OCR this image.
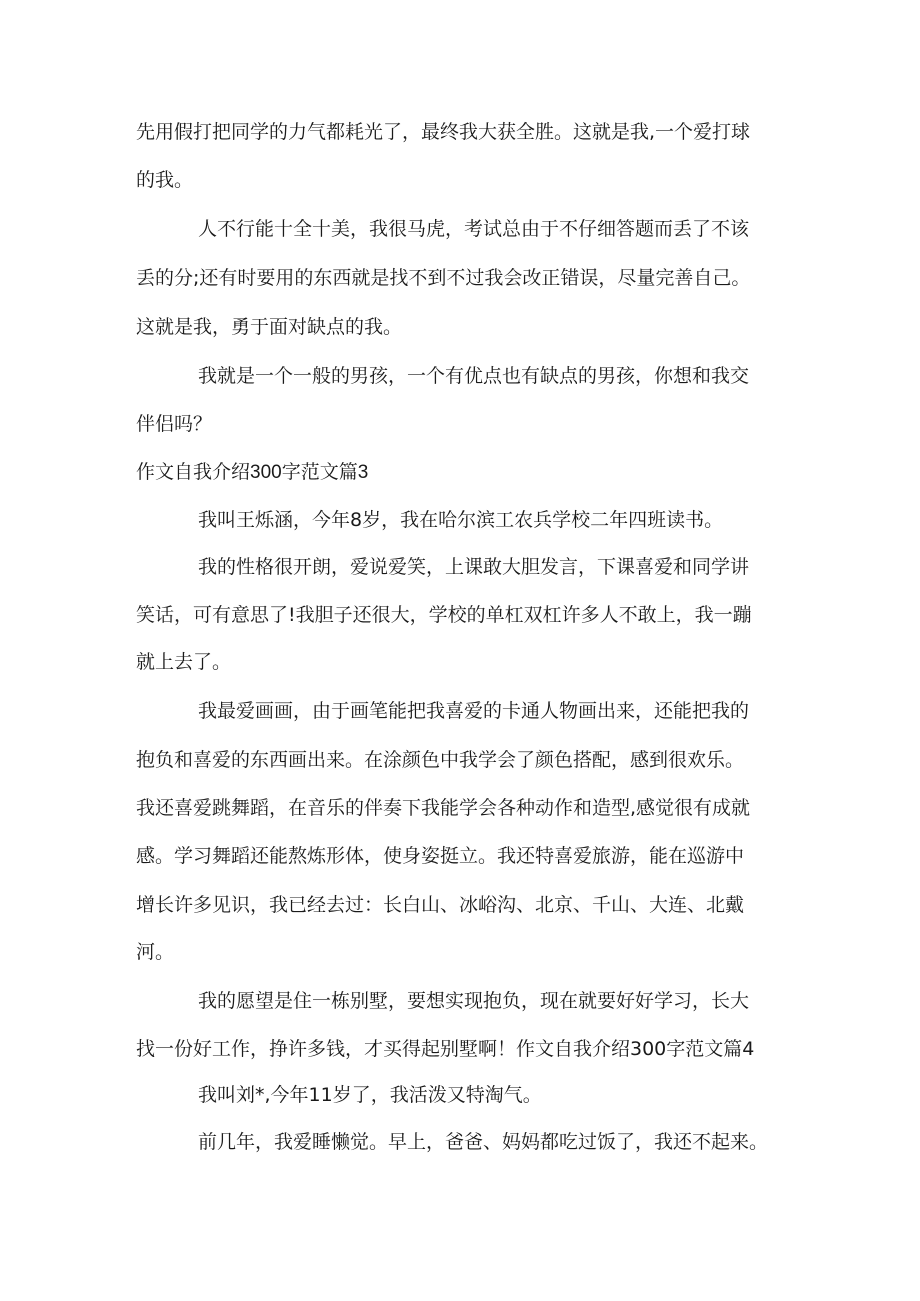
先用假打把同学的力气都耗光了，最终我大获全胜。这就是我,一个爱打球
的我。
人不行能十全十美，我很马虎，考试总由于不仔细答题而丢了不该
丢的分;还有时要用的东西就是找不到不过我会改正错误，尽量完善自己。
这就是我，勇于面对缺点的我。
我就是一个一般的男孩，一个有优点也有缺点的男孩，你想和我交
伴侣吗？
作文自我介绍300字范文篇3
我叫王烁涵，今年8岁，我在哈尔滨工农兵学校二年四班读书。
我的性格很开朗，爱说爱笑，上课敢大胆发言，下课喜爱和同学讲
笑话，可有意思了!我胆子还很大，学校的单杠双杠许多人不敢上，我一蹦
就上去了。
我最爱画画，由于画笔能把我喜爱的卡通人物画出来，还能把我的
抱负和喜爱的东西画出来。在涂颜色中我学会了颜色搭配，感到很欢乐。
我还喜爱跳舞蹈，在音乐的伴奏下我能学会各种动作和造型,感觉很有成就
感。学习舞蹈还能熬炼形体，使身姿挺立。我还特喜爱旅游，能在巡游中
增长许多见识，我已经去过：长白山、冰峪沟、北京、千山、大连、北戴
河。
我的愿望是住一栋别墅，要想实现抱负，现在就要好好学习，长大
找一份好工作，挣许多钱，才买得起别墅啊！作文自我介绍300字范文篇4
我叫刘*,今年11岁了，我活泼又特淘气。
前几年，我爱睡懒觉。早上，爸爸、妈妈都吃过饭了，我还不起来。
